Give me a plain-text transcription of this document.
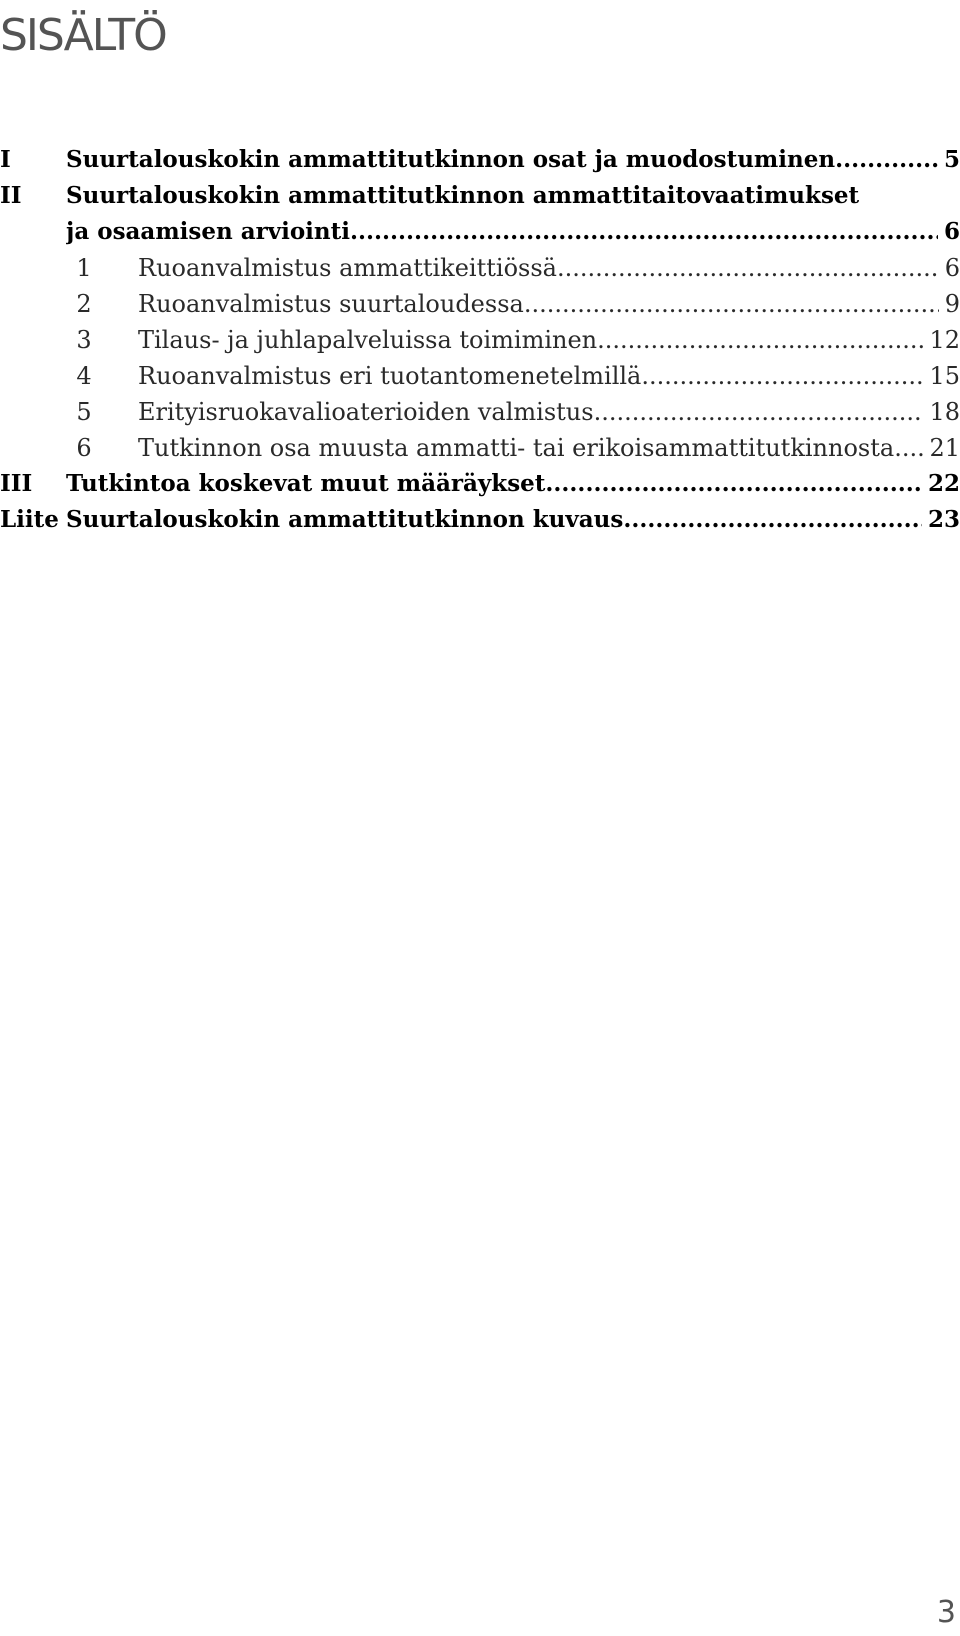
SISÄLTÖ
I Suurtalouskokin ammattitutkinnon osat ja muodostuminen .....	5
II Suurtalouskokin ammattitutkinnon ammattitaitovaatimukset
ja osaamisen arviointi .....	6
1 Ruoanvalmistus ammattikeittiössä .....	6
2 Ruoanvalmistus suurtaloudessa .....	9
3 Tilaus- ja juhlapalveluissa toimiminen .....	12
4 Ruoanvalmistus eri tuotantomenetelmillä .....	15
5 Erityisruokavalioaterioiden valmistus .....	18
6 Tutkinnon osa muusta ammatti- tai erikoisammattitutkinnosta ..... 21
III Tutkintoa koskevat muut määräykset .....	22
Liite Suurtalouskokin ammattitutkinnon kuvaus .....	23
3
